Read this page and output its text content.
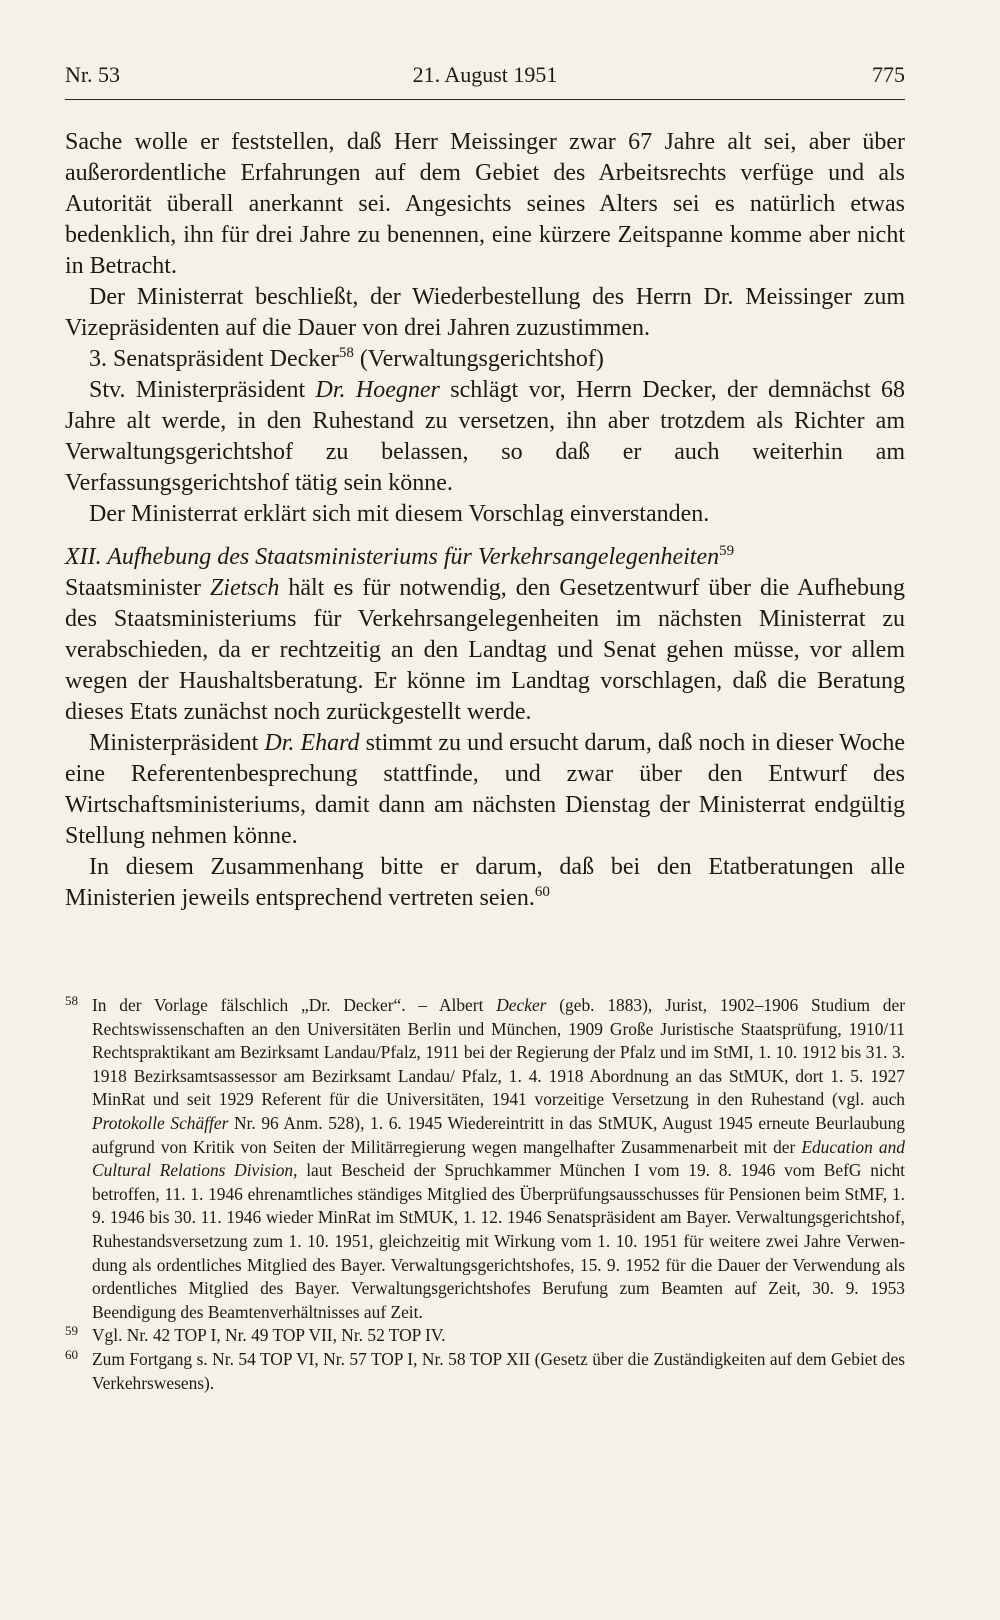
Nr. 53	21. August 1951	775

Sache wolle er feststellen, daß Herr Meissinger zwar 67 Jahre alt sei, aber über außerordentliche Erfahrungen auf dem Gebiet des Arbeitsrechts verfüge und als Autorität überall anerkannt sei. Angesichts seines Alters sei es natürlich etwas bedenklich, ihn für drei Jahre zu benennen, eine kürzere Zeitspanne komme aber nicht in Betracht.

Der Ministerrat beschließt, der Wiederbestellung des Herrn Dr. Meissinger zum Vizepräsidenten auf die Dauer von drei Jahren zuzustimmen.

3. Senatspräsident Decker$^{58}$ (Verwaltungsgerichtshof)

Stv. Ministerpräsident Dr. Hoegner schlägt vor, Herrn Decker, der demnächst 68 Jahre alt werde, in den Ruhestand zu versetzen, ihn aber trotzdem als Richter am Verwaltungsgerichtshof zu belassen, so daß er auch weiterhin am Verfassungsgerichtshof tätig sein könne.

Der Ministerrat erklärt sich mit diesem Vorschlag einverstanden.

XII. Aufhebung des Staatsministeriums für Verkehrsangelegenheiten$^{59}$

Staatsminister Zietsch hält es für notwendig, den Gesetzentwurf über die Aufhebung des Staatsministeriums für Verkehrsangelegenheiten im nächsten Ministerrat zu verabschieden, da er rechtzeitig an den Landtag und Senat gehen müsse, vor allem wegen der Haushaltsberatung. Er könne im Landtag vorschlagen, daß die Beratung dieses Etats zunächst noch zurückgestellt werde.

Ministerpräsident Dr. Ehard stimmt zu und ersucht darum, daß noch in dieser Woche eine Referentenbesprechung stattfinde, und zwar über den Entwurf des Wirtschaftsministeriums, damit dann am nächsten Dienstag der Ministerrat endgültig Stellung nehmen könne.

In diesem Zusammenhang bitte er darum, daß bei den Etatberatungen alle Ministerien jeweils entsprechend vertreten seien.$^{60}$

58 In der Vorlage fälschlich „Dr. Decker“. – Albert Decker (geb. 1883), Jurist, 1902–1906 Studium der Rechtswissenschaften an den Universitäten Berlin und München, 1909 Große Juristische Staatsprüfung, 1910/11 Rechtspraktikant am Bezirksamt Landau/Pfalz, 1911 bei der Regierung der Pfalz und im StMI, 1. 10. 1912 bis 31. 3. 1918 Bezirksamtsassessor am Bezirksamt Landau/ Pfalz, 1. 4. 1918 Abordnung an das StMUK, dort 1. 5. 1927 MinRat und seit 1929 Referent für die Universitäten, 1941 vorzeitige Versetzung in den Ruhestand (vgl. auch Protokolle Schäffer Nr. 96 Anm. 528), 1. 6. 1945 Wiedereintritt in das StMUK, August 1945 erneute Beurlaubung aufgrund von Kritik von Seiten der Militärregierung wegen mangelhafter Zusammenarbeit mit der Education and Cultural Relations Division, laut Bescheid der Spruchkammer München I vom 19. 8. 1946 vom BefG nicht betroffen, 11. 1. 1946 ehrenamtliches ständiges Mitglied des Überprüfungsausschusses für Pensionen beim StMF, 1. 9. 1946 bis 30. 11. 1946 wieder MinRat im StMUK, 1. 12. 1946 Senatspräsident am Bayer. Verwaltungsgerichtshof, Ruhestandsversetzung zum 1. 10. 1951, gleichzeitig mit Wirkung vom 1. 10. 1951 für weitere zwei Jahre Verwendung als ordentliches Mitglied des Bayer. Verwaltungsgerichtshofes, 15. 9. 1952 für die Dauer der Verwendung als ordentliches Mitglied des Bayer. Verwaltungsgerichtshofes Berufung zum Beamten auf Zeit, 30. 9. 1953 Beendigung des Beamtenverhältnisses auf Zeit.
59 Vgl. Nr. 42 TOP I, Nr. 49 TOP VII, Nr. 52 TOP IV.
60 Zum Fortgang s. Nr. 54 TOP VI, Nr. 57 TOP I, Nr. 58 TOP XII (Gesetz über die Zuständigkeiten auf dem Gebiet des Verkehrswesens).
